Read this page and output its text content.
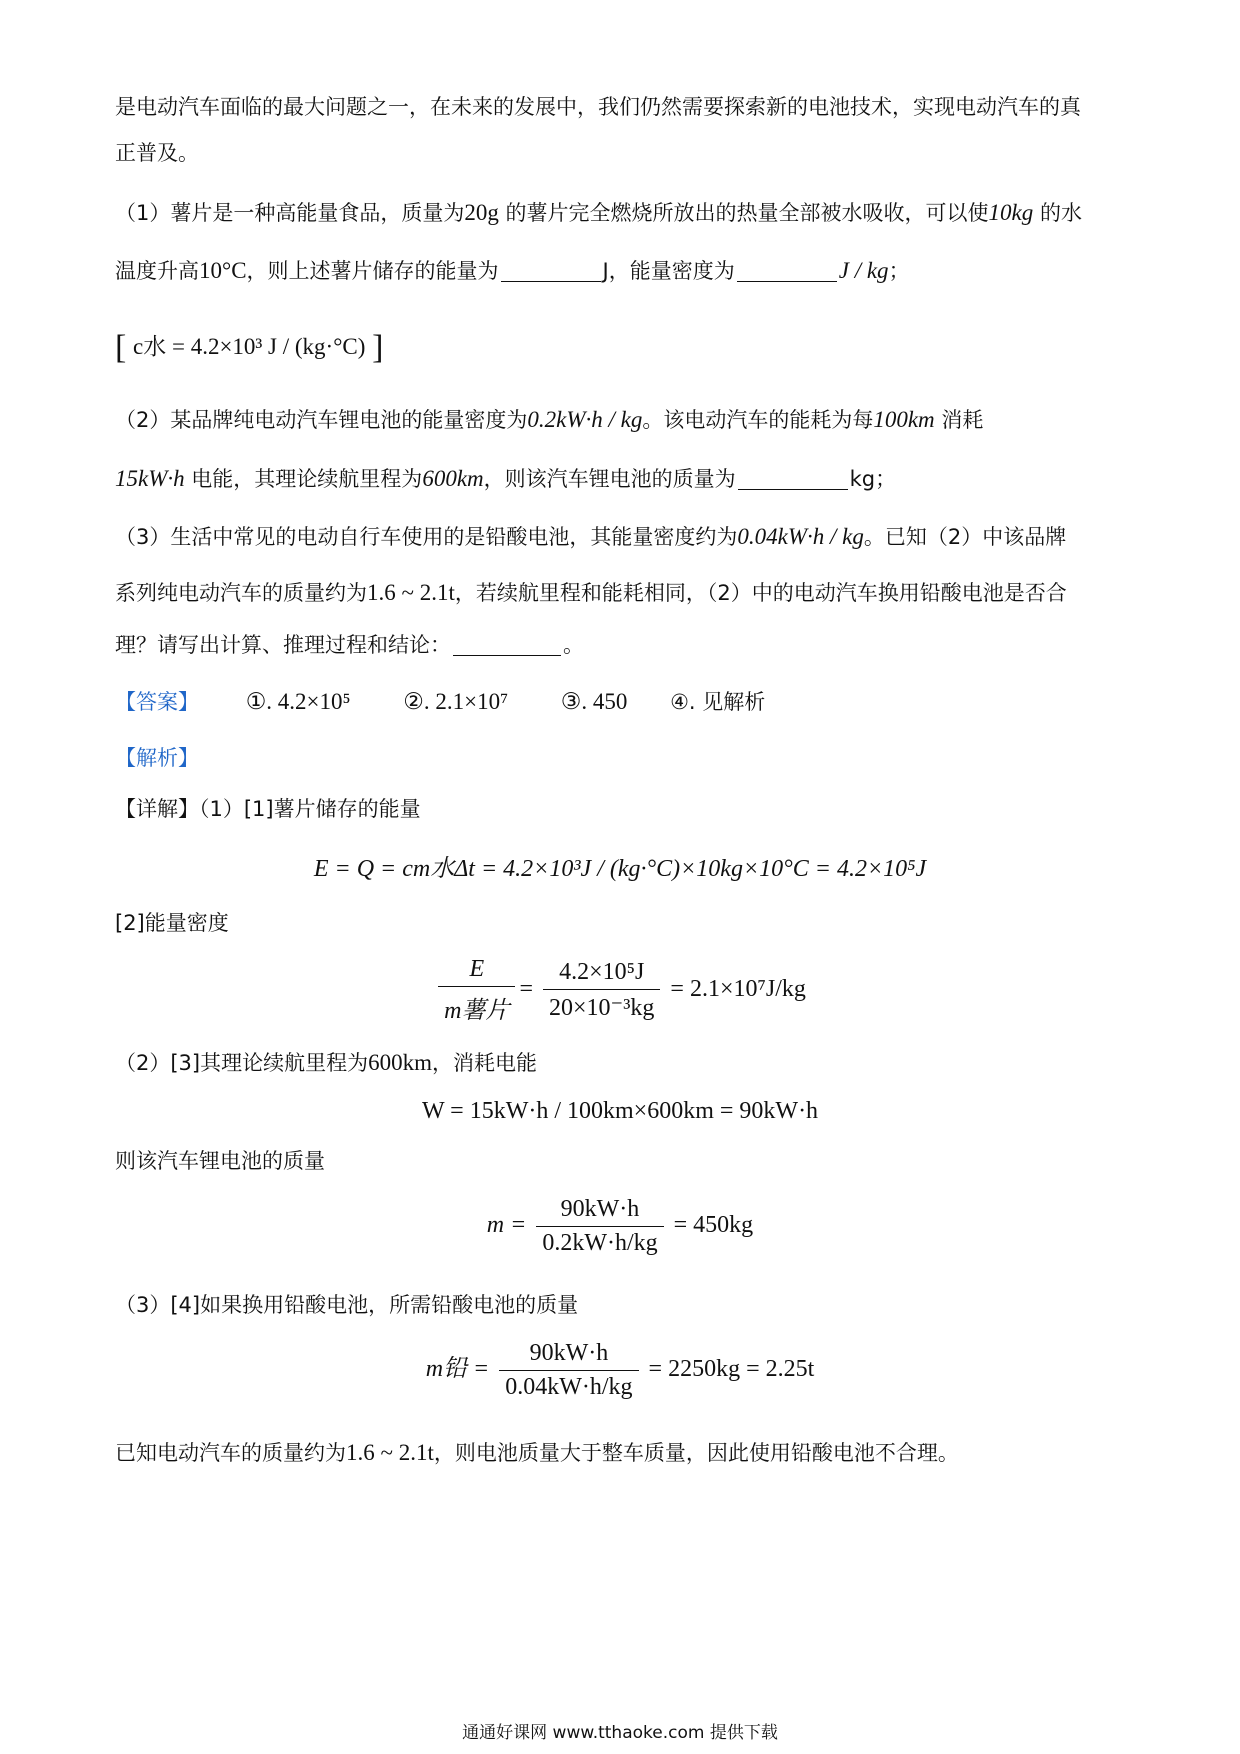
是电动汽车面临的最大问题之一，在未来的发展中，我们仍然需要探索新的电池技术，实现电动汽车的真
正普及。
（1）薯片是一种高能量食品，质量为20g 的薯片完全燃烧所放出的热量全部被水吸收，可以使10kg 的水
温度升高10°C，则上述薯片储存的能量为	J，能量密度为	J / kg；
[ c水 = 4.2×10³ J / (kg·°C) ]
（2）某品牌纯电动汽车锂电池的能量密度为0.2kW·h / kg。该电动汽车的能耗为每100km 消耗
15kW·h 电能，其理论续航里程为600km，则该汽车锂电池的质量为	kg；
（3）生活中常见的电动自行车使用的是铅酸电池，其能量密度约为0.04kW·h / kg。已知（2）中该品牌
系列纯电动汽车的质量约为1.6 ~ 2.1t，若续航里程和能耗相同，（2）中的电动汽车换用铅酸电池是否合
理？请写出计算、推理过程和结论：	。
【答案】 ①. 4.2×10⁵ ②. 2.1×10⁷ ③. 450 ④. 见解析
【解析】
【详解】（1）[1]薯片储存的能量
E = Q = cm水Δt = 4.2×10³J / (kg·°C)×10kg×10°C = 4.2×10⁵J
[2]能量密度
$\frac{E}{\text{m薯片}} = \frac{\text{4.2×10⁵J}}{\text{20×10⁻³kg}} = 2.1\times 10^7J/kg$
（2）[3]其理论续航里程为600km，消耗电能
W = 15kW·h / 100km×600km = 90kW·h
则该汽车锂电池的质量
$m = \frac{90kW\cdot h}{0.2kW\cdot h/kg} = 450kg$
（3）[4]如果换用铅酸电池，所需铅酸电池的质量
m铅 = $\frac{90kW\cdot h}{0.04kW\cdot h/kg} = 2250kg = 2.25t$
已知电动汽车的质量约为1.6 ~ 2.1t，则电池质量大于整车质量，因此使用铅酸电池不合理。
通通好课网 www.tthaoke.com 提供下载
